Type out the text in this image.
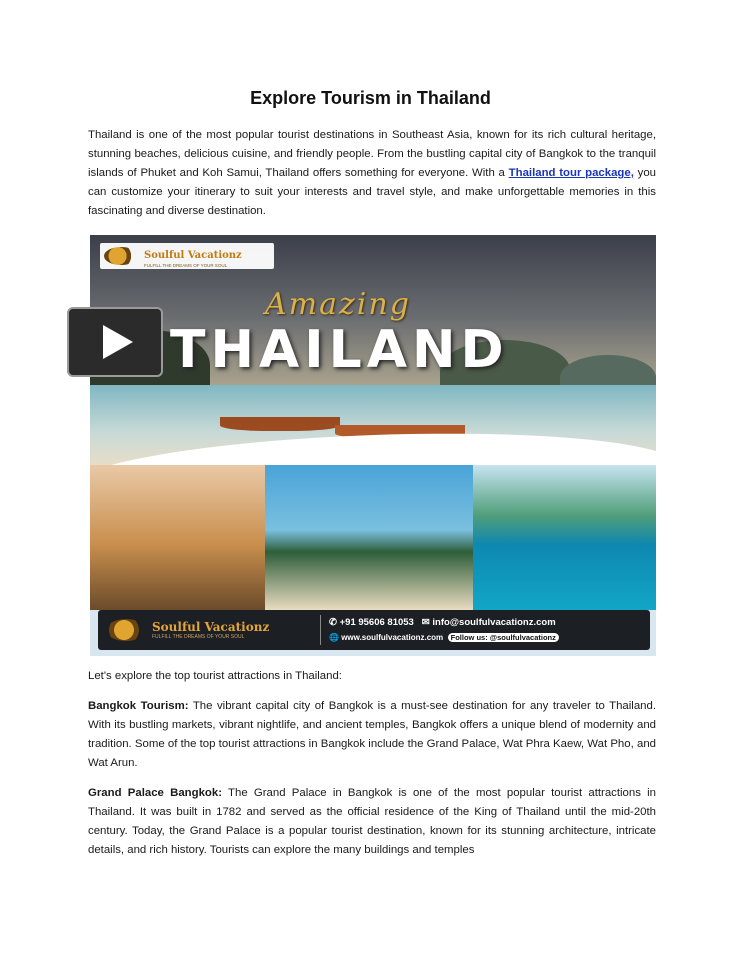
Explore Tourism in Thailand
Thailand is one of the most popular tourist destinations in Southeast Asia, known for its rich cultural heritage, stunning beaches, delicious cuisine, and friendly people. From the bustling capital city of Bangkok to the tranquil islands of Phuket and Koh Samui, Thailand offers something for everyone. With a Thailand tour package, you can customize your itinerary to suit your interests and travel style, and make unforgettable memories in this fascinating and diverse destination.
Soulful Vacationz
FULFILL THE DREAMS OF YOUR SOUL
Amazing
THAILAND
Soulful Vacationz
FULFILL THE DREAMS OF YOUR SOUL
✆ +91 95606 81053 ✉ info@soulfulvacationz.com
🌐 www.soulfulvacationz.com Follow us: @soulfulvacationz
Let's explore the top tourist attractions in Thailand:
Bangkok Tourism: The vibrant capital city of Bangkok is a must-see destination for any traveler to Thailand. With its bustling markets, vibrant nightlife, and ancient temples, Bangkok offers a unique blend of modernity and tradition. Some of the top tourist attractions in Bangkok include the Grand Palace, Wat Phra Kaew, Wat Pho, and Wat Arun.
Grand Palace Bangkok: The Grand Palace in Bangkok is one of the most popular tourist attractions in Thailand. It was built in 1782 and served as the official residence of the King of Thailand until the mid-20th century. Today, the Grand Palace is a popular tourist destination, known for its stunning architecture, intricate details, and rich history. Tourists can explore the many buildings and temples
